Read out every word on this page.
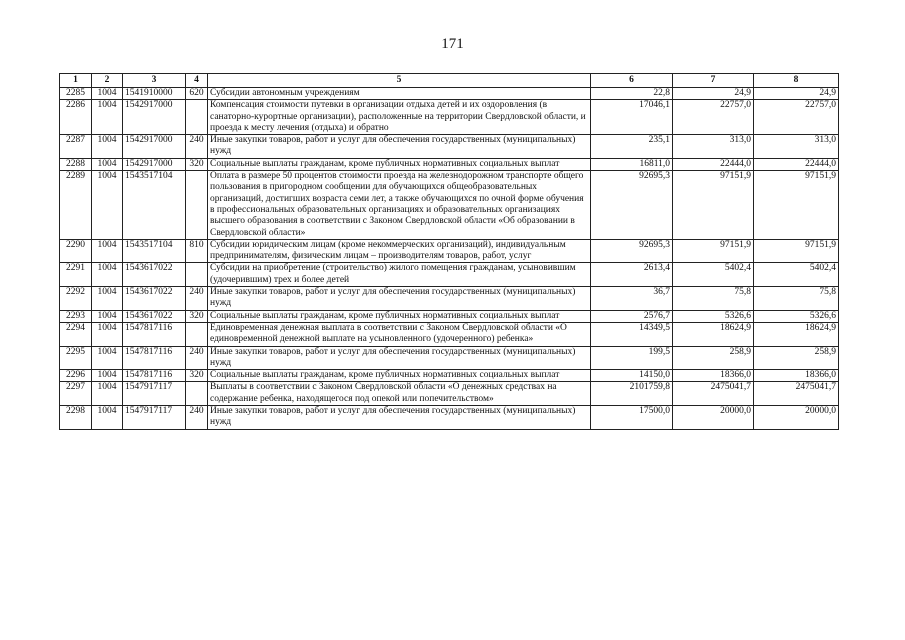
171
1	2	3	4	5	6	7	8
2285	1004	1541910000	620	Субсидии автономным учреждениям	22,8	24,9	24,9
2286	1004	1542917000		Компенсация стоимости путевки в организации отдыха детей и их оздоровления (в санаторно-курортные организации), расположенные на территории Свердловской области, и проезда к месту лечения (отдыха) и обратно	17046,1	22757,0	22757,0
2287	1004	1542917000	240	Иные закупки товаров, работ и услуг для обеспечения государственных (муниципальных) нужд	235,1	313,0	313,0
2288	1004	1542917000	320	Социальные выплаты гражданам, кроме публичных нормативных социальных выплат	16811,0	22444,0	22444,0
2289	1004	1543517104		Оплата в размере 50 процентов стоимости проезда на железнодорожном транспорте общего пользования в пригородном сообщении для обучающихся общеобразовательных организаций, достигших возраста семи лет, а также обучающихся по очной форме обучения в профессиональных образовательных организациях и образовательных организациях высшего образования в соответствии с Законом Свердловской области «Об образовании в Свердловской области»	92695,3	97151,9	97151,9
2290	1004	1543517104	810	Субсидии юридическим лицам (кроме некоммерческих организаций), индивидуальным предпринимателям, физическим лицам – производителям товаров, работ, услуг	92695,3	97151,9	97151,9
2291	1004	1543617022		Субсидии на приобретение (строительство) жилого помещения гражданам, усыновившим (удочерившим) трех и более детей	2613,4	5402,4	5402,4
2292	1004	1543617022	240	Иные закупки товаров, работ и услуг для обеспечения государственных (муниципальных) нужд	36,7	75,8	75,8
2293	1004	1543617022	320	Социальные выплаты гражданам, кроме публичных нормативных социальных выплат	2576,7	5326,6	5326,6
2294	1004	1547817116		Единовременная денежная выплата в соответствии с Законом Свердловской области «О единовременной денежной выплате на усыновленного (удочеренного) ребенка»	14349,5	18624,9	18624,9
2295	1004	1547817116	240	Иные закупки товаров, работ и услуг для обеспечения государственных (муниципальных) нужд	199,5	258,9	258,9
2296	1004	1547817116	320	Социальные выплаты гражданам, кроме публичных нормативных социальных выплат	14150,0	18366,0	18366,0
2297	1004	1547917117		Выплаты в соответствии с Законом Свердловской области «О денежных средствах на содержание ребенка, находящегося под опекой или попечительством»	2101759,8	2475041,7	2475041,7
2298	1004	1547917117	240	Иные закупки товаров, работ и услуг для обеспечения государственных (муниципальных) нужд	17500,0	20000,0	20000,0
